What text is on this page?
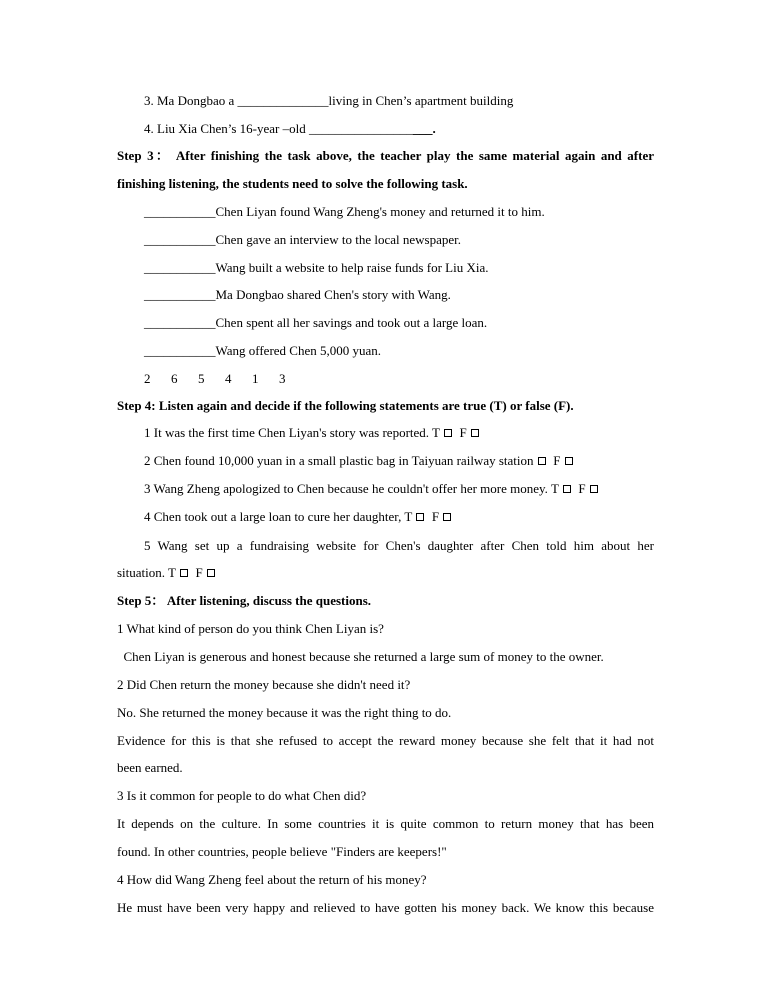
3. Ma Dongbao a ______________living in Chen’s apartment building
4. Liu Xia Chen’s 16-year –old ___________________.
Step 3： After finishing the task above, the teacher play the same material again and after
finishing listening, the students need to solve the following task.
___________Chen Liyan found Wang Zheng's money and returned it to him.
___________Chen gave an interview to the local newspaper.
___________Wang built a website to help raise funds for Liu Xia.
___________Ma Dongbao shared Chen's story with Wang.
___________Chen spent all her savings and took out a large loan.
___________Wang offered Chen 5,000 yuan.
2 6 5 4 1 3
Step 4: Listen again and decide if the following statements are true (T) or false (F).
1 It was the first time Chen Liyan's story was reported. T F
2 Chen found 10,000 yuan in a small plastic bag in Taiyuan railway station F
3 Wang Zheng apologized to Chen because he couldn't offer her more money. T F
4 Chen took out a large loan to cure her daughter, T F
5 Wang set up a fundraising website for Chen's daughter after Chen told him about her
situation. T F
Step 5： After listening, discuss the questions.
1 What kind of person do you think Chen Liyan is?
Chen Liyan is generous and honest because she returned a large sum of money to the owner.
2 Did Chen return the money because she didn't need it?
No. She returned the money because it was the right thing to do.
Evidence for this is that she refused to accept the reward money because she felt that it had not
been earned.
3 Is it common for people to do what Chen did?
It depends on the culture. In some countries it is quite common to return money that has been
found. In other countries, people believe "Finders are keepers!"
4 How did Wang Zheng feel about the return of his money?
He must have been very happy and relieved to have gotten his money back. We know this because
